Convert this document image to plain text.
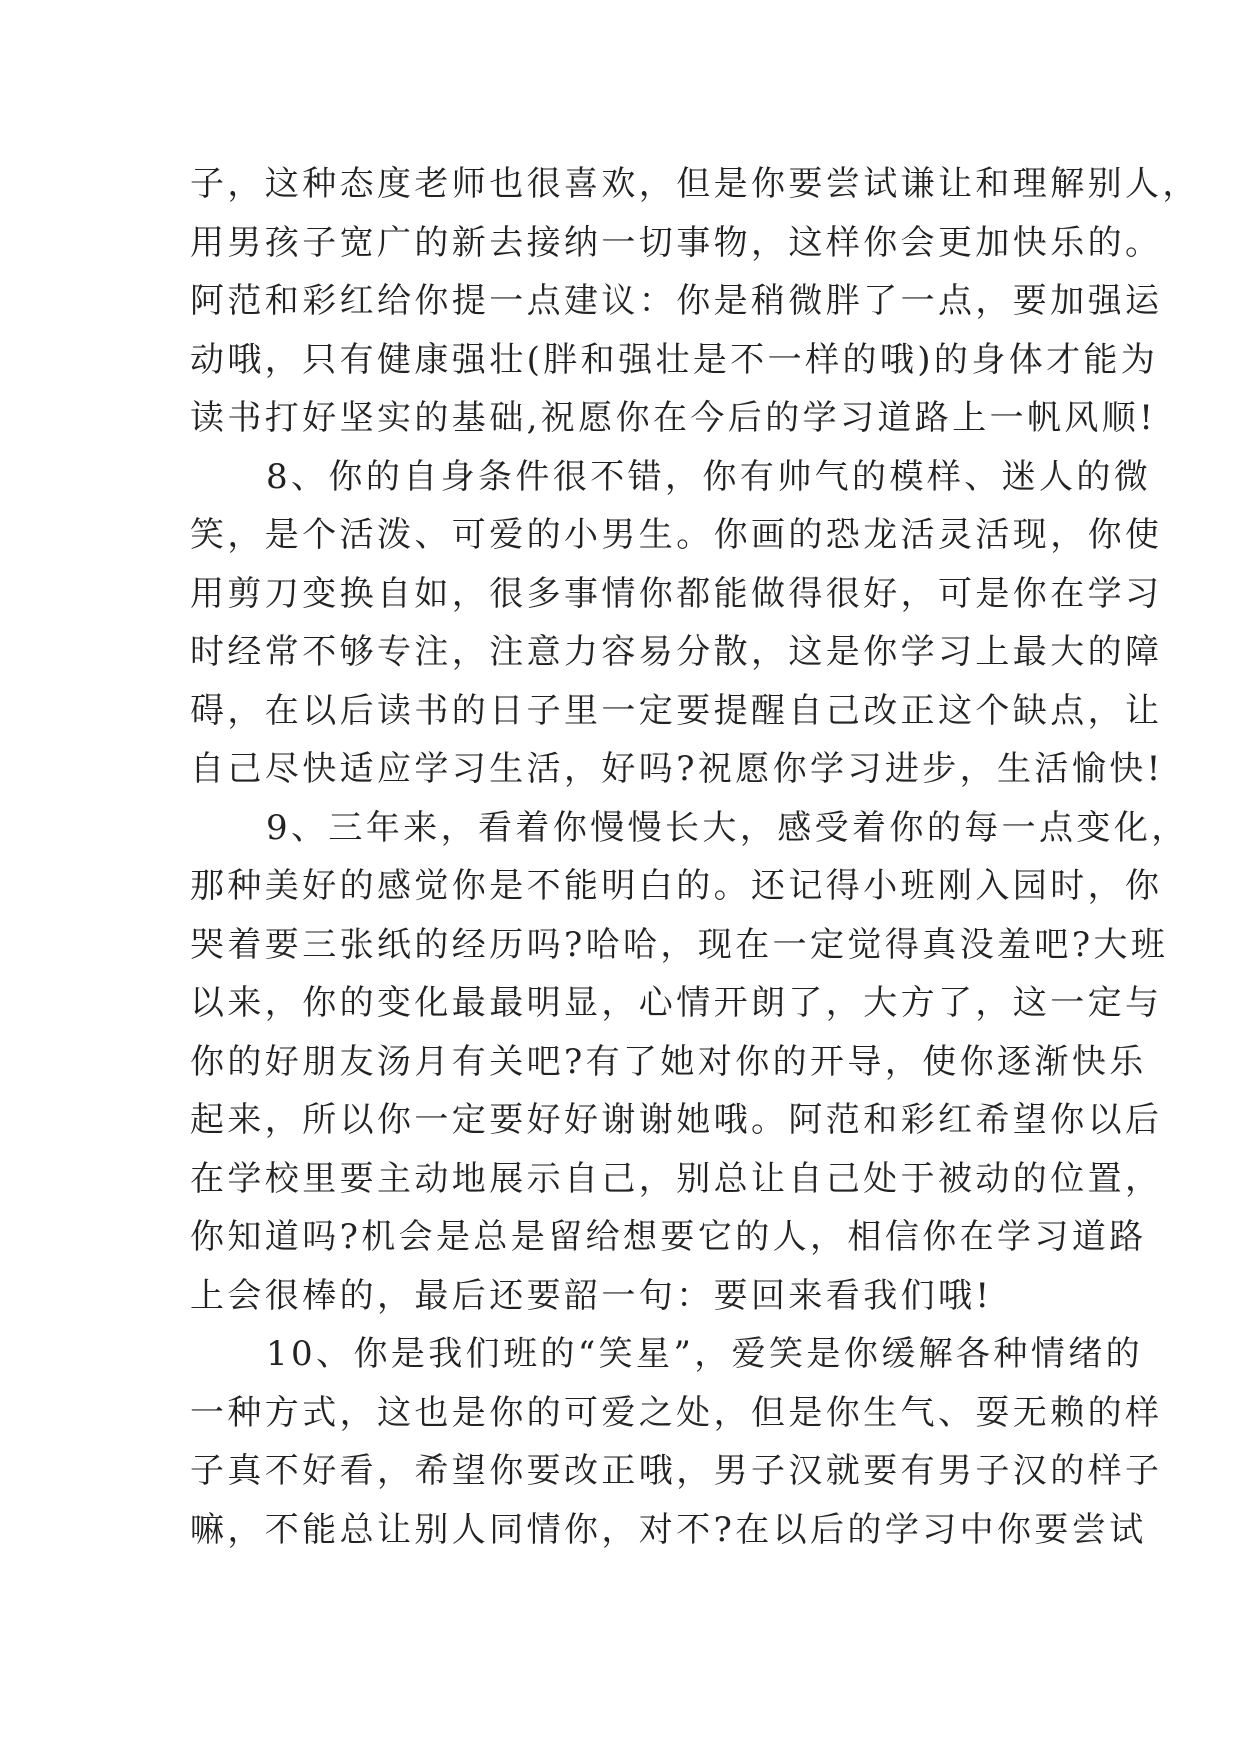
子，这种态度老师也很喜欢，但是你要尝试谦让和理解别人，
用男孩子宽广的新去接纳一切事物，这样你会更加快乐的。
阿范和彩红给你提一点建议：你是稍微胖了一点，要加强运
动哦，只有健康强壮(胖和强壮是不一样的哦)的身体才能为
读书打好坚实的基础,祝愿你在今后的学习道路上一帆风顺!
8、你的自身条件很不错，你有帅气的模样、迷人的微
笑，是个活泼、可爱的小男生。你画的恐龙活灵活现，你使
用剪刀变换自如，很多事情你都能做得很好，可是你在学习
时经常不够专注，注意力容易分散，这是你学习上最大的障
碍，在以后读书的日子里一定要提醒自己改正这个缺点，让
自己尽快适应学习生活，好吗?祝愿你学习进步，生活愉快!
9、三年来，看着你慢慢长大，感受着你的每一点变化，
那种美好的感觉你是不能明白的。还记得小班刚入园时，你
哭着要三张纸的经历吗?哈哈，现在一定觉得真没羞吧?大班
以来，你的变化最最明显，心情开朗了，大方了，这一定与
你的好朋友汤月有关吧?有了她对你的开导，使你逐渐快乐
起来，所以你一定要好好谢谢她哦。阿范和彩红希望你以后
在学校里要主动地展示自己，别总让自己处于被动的位置，
你知道吗?机会是总是留给想要它的人，相信你在学习道路
上会很棒的，最后还要韶一句：要回来看我们哦!
10、你是我们班的“笑星”，爱笑是你缓解各种情绪的
一种方式，这也是你的可爱之处，但是你生气、耍无赖的样
子真不好看，希望你要改正哦，男子汉就要有男子汉的样子
嘛，不能总让别人同情你，对不?在以后的学习中你要尝试
